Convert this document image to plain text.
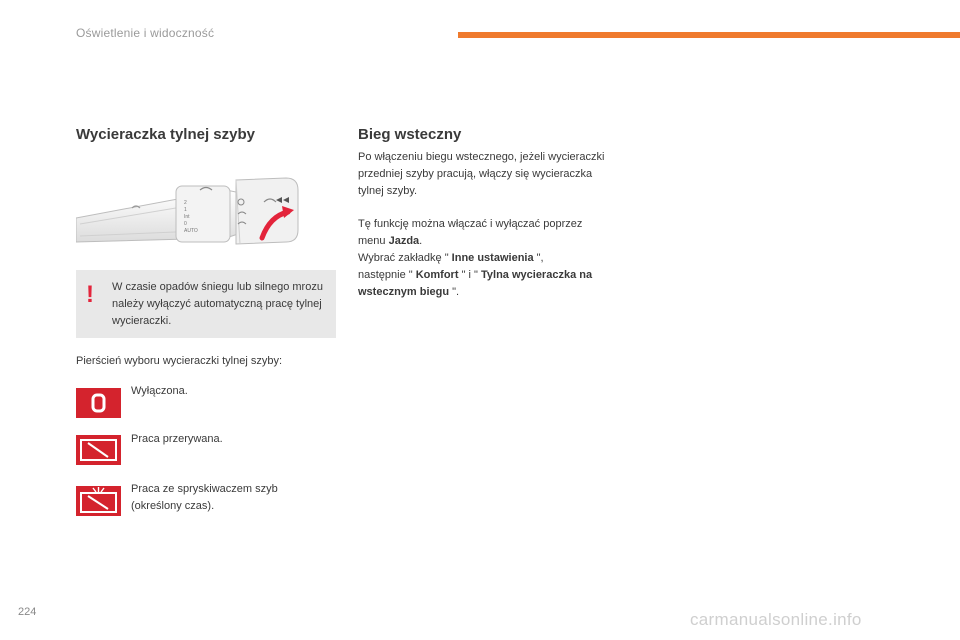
Oświetlenie i widoczność
Wycieraczka tylnej szyby
2
1
Int
0
AUTO
! W czasie opadów śniegu lub silnego mrozu należy wyłączyć automatyczną pracę tylnej wycieraczki.
Pierścień wyboru wycieraczki tylnej szyby:
Wyłączona.
Praca przerywana.
Praca ze spryskiwaczem szyb (określony czas).
Bieg wsteczny
Po włączeniu biegu wstecznego, jeżeli wycieraczki przedniej szyby pracują, włączy się wycieraczka tylnej szyby.
Tę funkcję można włączać i wyłączać poprzez
menu Jazda.
Wybrać zakładkę " Inne ustawienia ",
następnie " Komfort " i " Tylna wycieraczka na wstecznym biegu ".
224	carmanualsonline.info
